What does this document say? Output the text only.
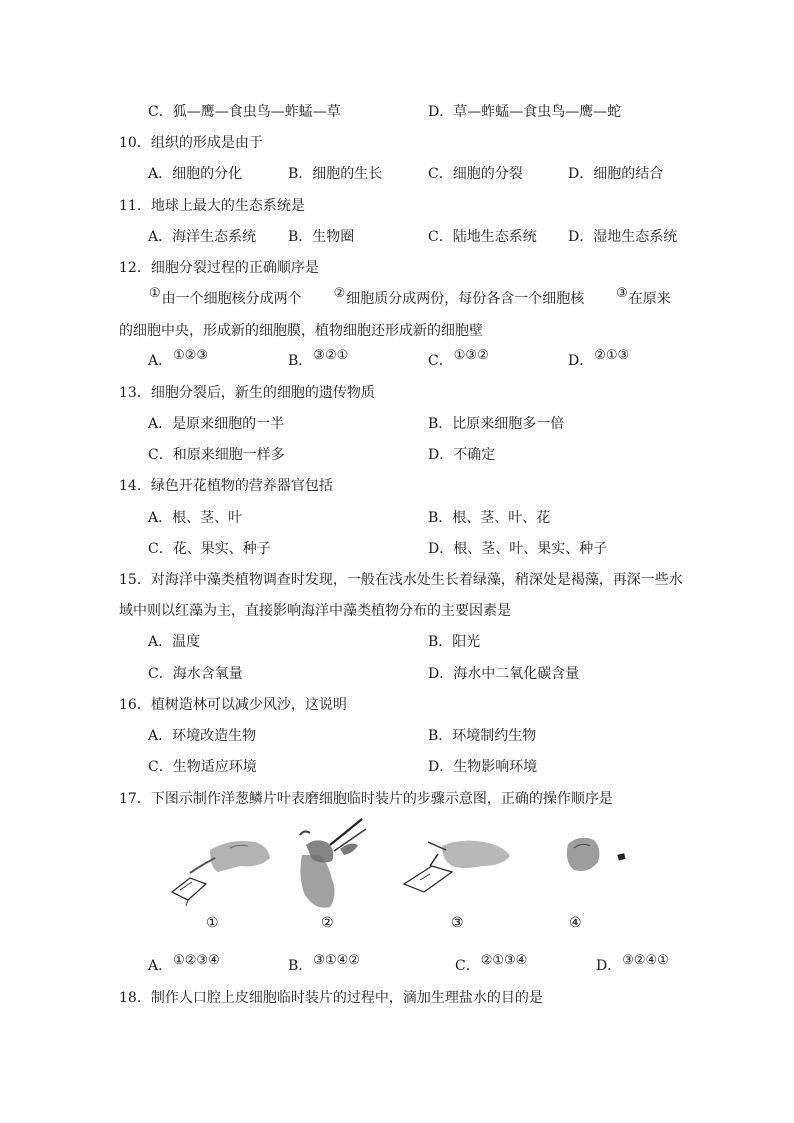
C．狐—鹰—食虫鸟—蚱蜢—草	D．草—蚱蜢—食虫鸟—鹰—蛇
10．组织的形成是由于
A．细胞的分化	B．细胞的生长	C．细胞的分裂	D．细胞的结合
11．地球上最大的生态系统是
A．海洋生态系统 B．生物圈	C．陆地生态系统 D．湿地生态系统
12．细胞分裂过程的正确顺序是
①由一个细胞核分成两个 ②细胞质分成两份，每份各含一个细胞核 ③在原来
的细胞中央，形成新的细胞膜，植物细胞还形成新的细胞壁
A．①②③	B．③②①	C．①③②	D．②①③
13．细胞分裂后，新生的细胞的遗传物质
A．是原来细胞的一半	B．比原来细胞多一倍
C．和原来细胞一样多	D．不确定
14．绿色开花植物的营养器官包括
A．根、茎、叶	B．根、茎、叶、花
C．花、果实、种子	D．根、茎、叶、果实、种子
15．对海洋中藻类植物调查时发现，一般在浅水处生长着绿藻，稍深处是褐藻，再深一些水
域中则以红藻为主，直接影响海洋中藻类植物分布的主要因素是
A．温度	B．阳光
C．海水含氧量	D．海水中二氧化碳含量
16．植树造林可以减少风沙，这说明
A．环境改造生物	B．环境制约生物
C．生物适应环境	D．生物影响环境
17．下图示制作洋葱鳞片叶表磨细胞临时装片的步骤示意图，正确的操作顺序是
①	②	③	④
A．①②③④	B．③①④②	C．②①③④	D．③②④①
18．制作人口腔上皮细胞临时装片的过程中，滴加生理盐水的目的是
